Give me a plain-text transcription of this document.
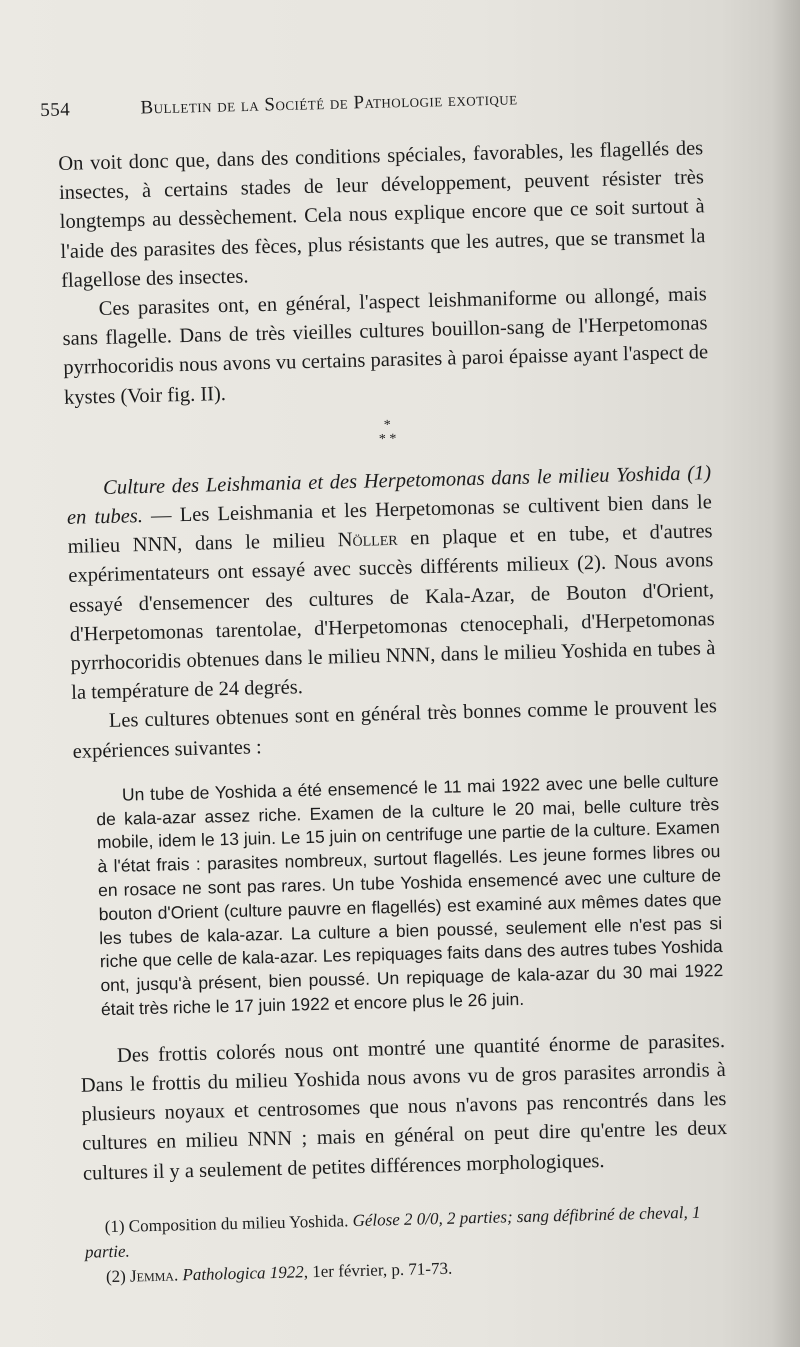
554	Bulletin de la Société de Pathologie exotique

On voit donc que, dans des conditions spéciales, favorables, les flagellés des insectes, à certains stades de leur développement, peuvent résister très longtemps au dessèchement. Cela nous explique encore que ce soit surtout à l'aide des parasites des fèces, plus résistants que les autres, que se transmet la flagellose des insectes.

Ces parasites ont, en général, l'aspect leishmaniforme ou allongé, mais sans flagelle. Dans de très vieilles cultures bouillon-sang de l'Herpetomonas pyrrhocoridis nous avons vu certains parasites à paroi épaisse ayant l'aspect de kystes (Voir fig. II).

*
* *

Culture des Leishmania et des Herpetomonas dans le milieu Yoshida (1) en tubes. — Les Leishmania et les Herpetomonas se cultivent bien dans le milieu NNN, dans le milieu Nöller en plaque et en tube, et d'autres expérimentateurs ont essayé avec succès différents milieux (2). Nous avons essayé d'ensemencer des cultures de Kala-Azar, de Bouton d'Orient, d'Herpetomonas tarentolae, d'Herpetomonas ctenocephali, d'Herpetomonas pyrrhocoridis obtenues dans le milieu NNN, dans le milieu Yoshida en tubes à la température de 24 degrés.

Les cultures obtenues sont en général très bonnes comme le prouvent les expériences suivantes :

Un tube de Yoshida a été ensemencé le 11 mai 1922 avec une belle culture de kala-azar assez riche. Examen de la culture le 20 mai, belle culture très mobile, idem le 13 juin. Le 15 juin on centrifuge une partie de la culture. Examen à l'état frais : parasites nombreux, surtout flagellés. Les jeune formes libres ou en rosace ne sont pas rares. Un tube Yoshida ensemencé avec une culture de bouton d'Orient (culture pauvre en flagellés) est examiné aux mêmes dates que les tubes de kala-azar. La culture a bien poussé, seulement elle n'est pas si riche que celle de kala-azar. Les repiquages faits dans des autres tubes Yoshida ont, jusqu'à présent, bien poussé. Un repiquage de kala-azar du 30 mai 1922 était très riche le 17 juin 1922 et encore plus le 26 juin.

Des frottis colorés nous ont montré une quantité énorme de parasites. Dans le frottis du milieu Yoshida nous avons vu de gros parasites arrondis à plusieurs noyaux et centrosomes que nous n'avons pas rencontrés dans les cultures en milieu NNN ; mais en général on peut dire qu'entre les deux cultures il y a seulement de petites différences morphologiques.

(1) Composition du milieu Yoshida. Gélose 2 0/0, 2 parties; sang défibriné de cheval, 1 partie.

(2) Jemma. Pathologica 1922, 1er février, p. 71-73.
